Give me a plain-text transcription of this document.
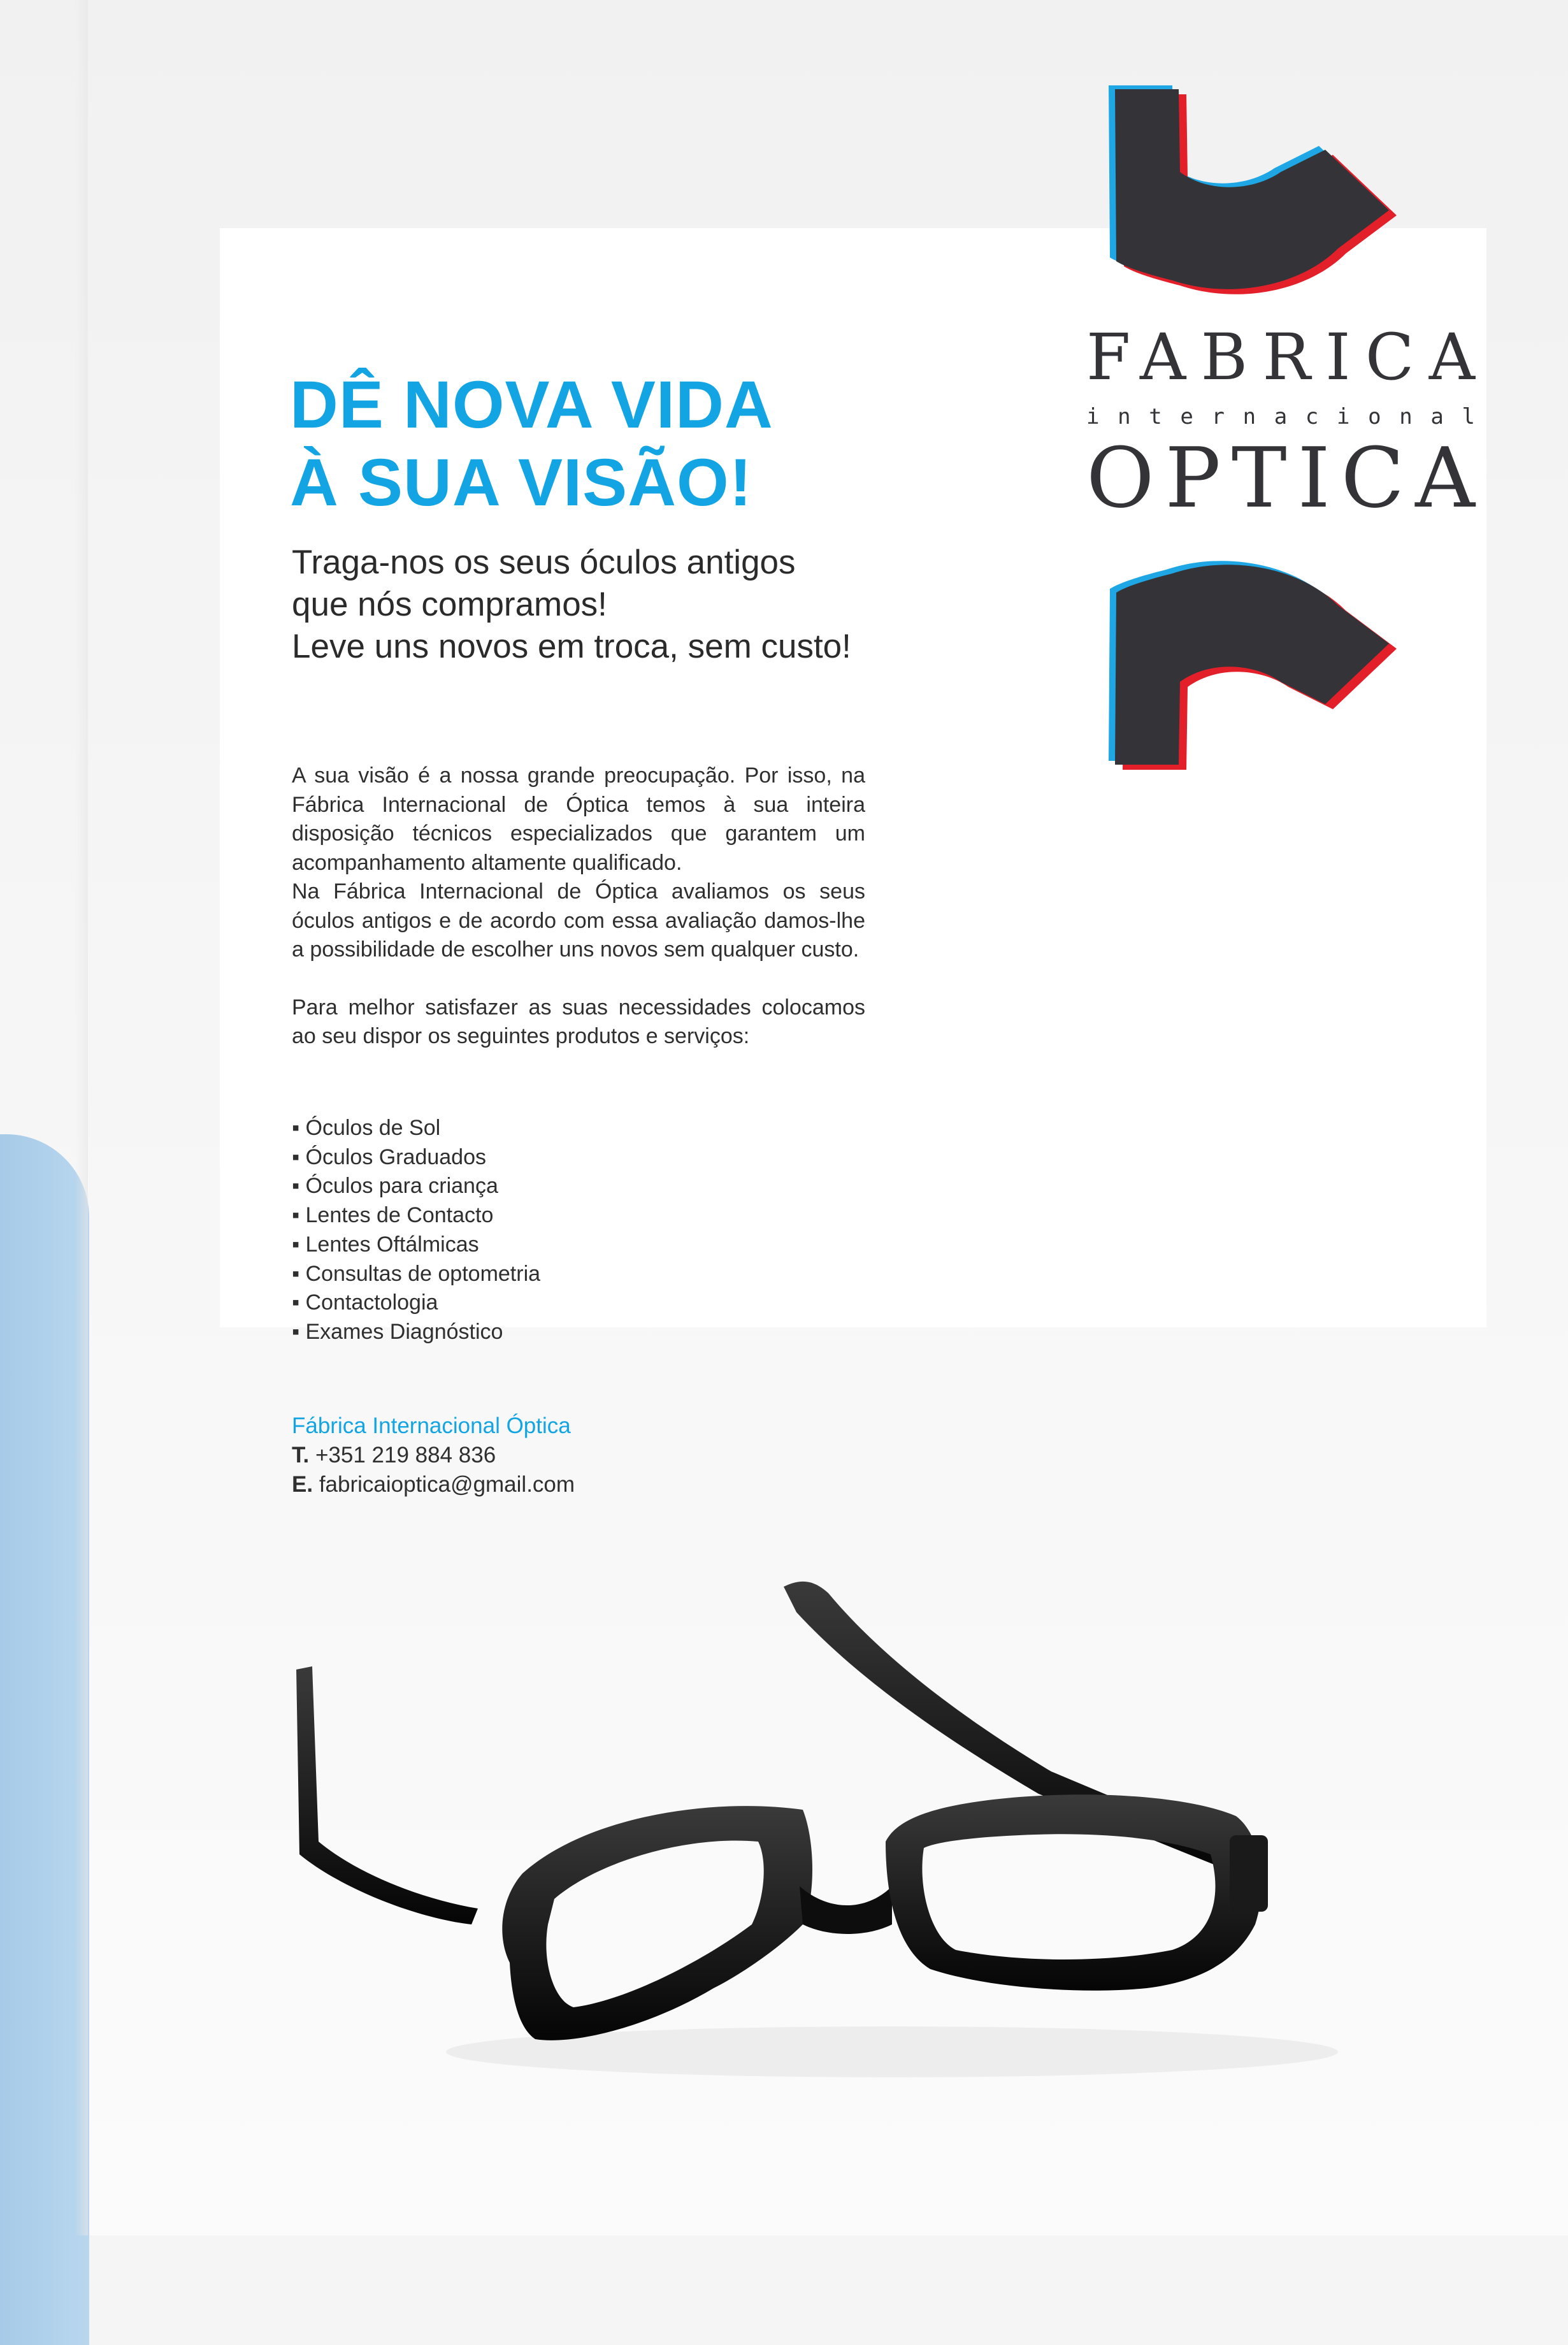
FABRICA
internacional
OPTICA
DÊ NOVA VIDA
À SUA VISÃO!
Traga-nos os seus óculos antigos
que nós compramos!
Leve uns novos em troca, sem custo!

A sua visão é a nossa grande preocupação. Por isso, na Fábrica Internacional de Óptica temos à sua inteira disposição técnicos especializados que garantem um acompanhamento altamente qualificado.

Na Fábrica Internacional de Óptica avaliamos os seus óculos antigos e de acordo com essa avaliação damos-lhe a possibilidade de escolher uns novos sem qualquer custo.

Para melhor satisfazer as suas necessidades colocamos ao seu dispor os seguintes produtos e serviços:

▪ Óculos de Sol
▪ Óculos Graduados
▪ Óculos para criança
▪ Lentes de Contacto
▪ Lentes Oftálmicas
▪ Consultas de optometria
▪ Contactologia
▪ Exames Diagnóstico
Fábrica Internacional Óptica
T. +351 219 884 836
E. fabricaioptica@gmail.com
